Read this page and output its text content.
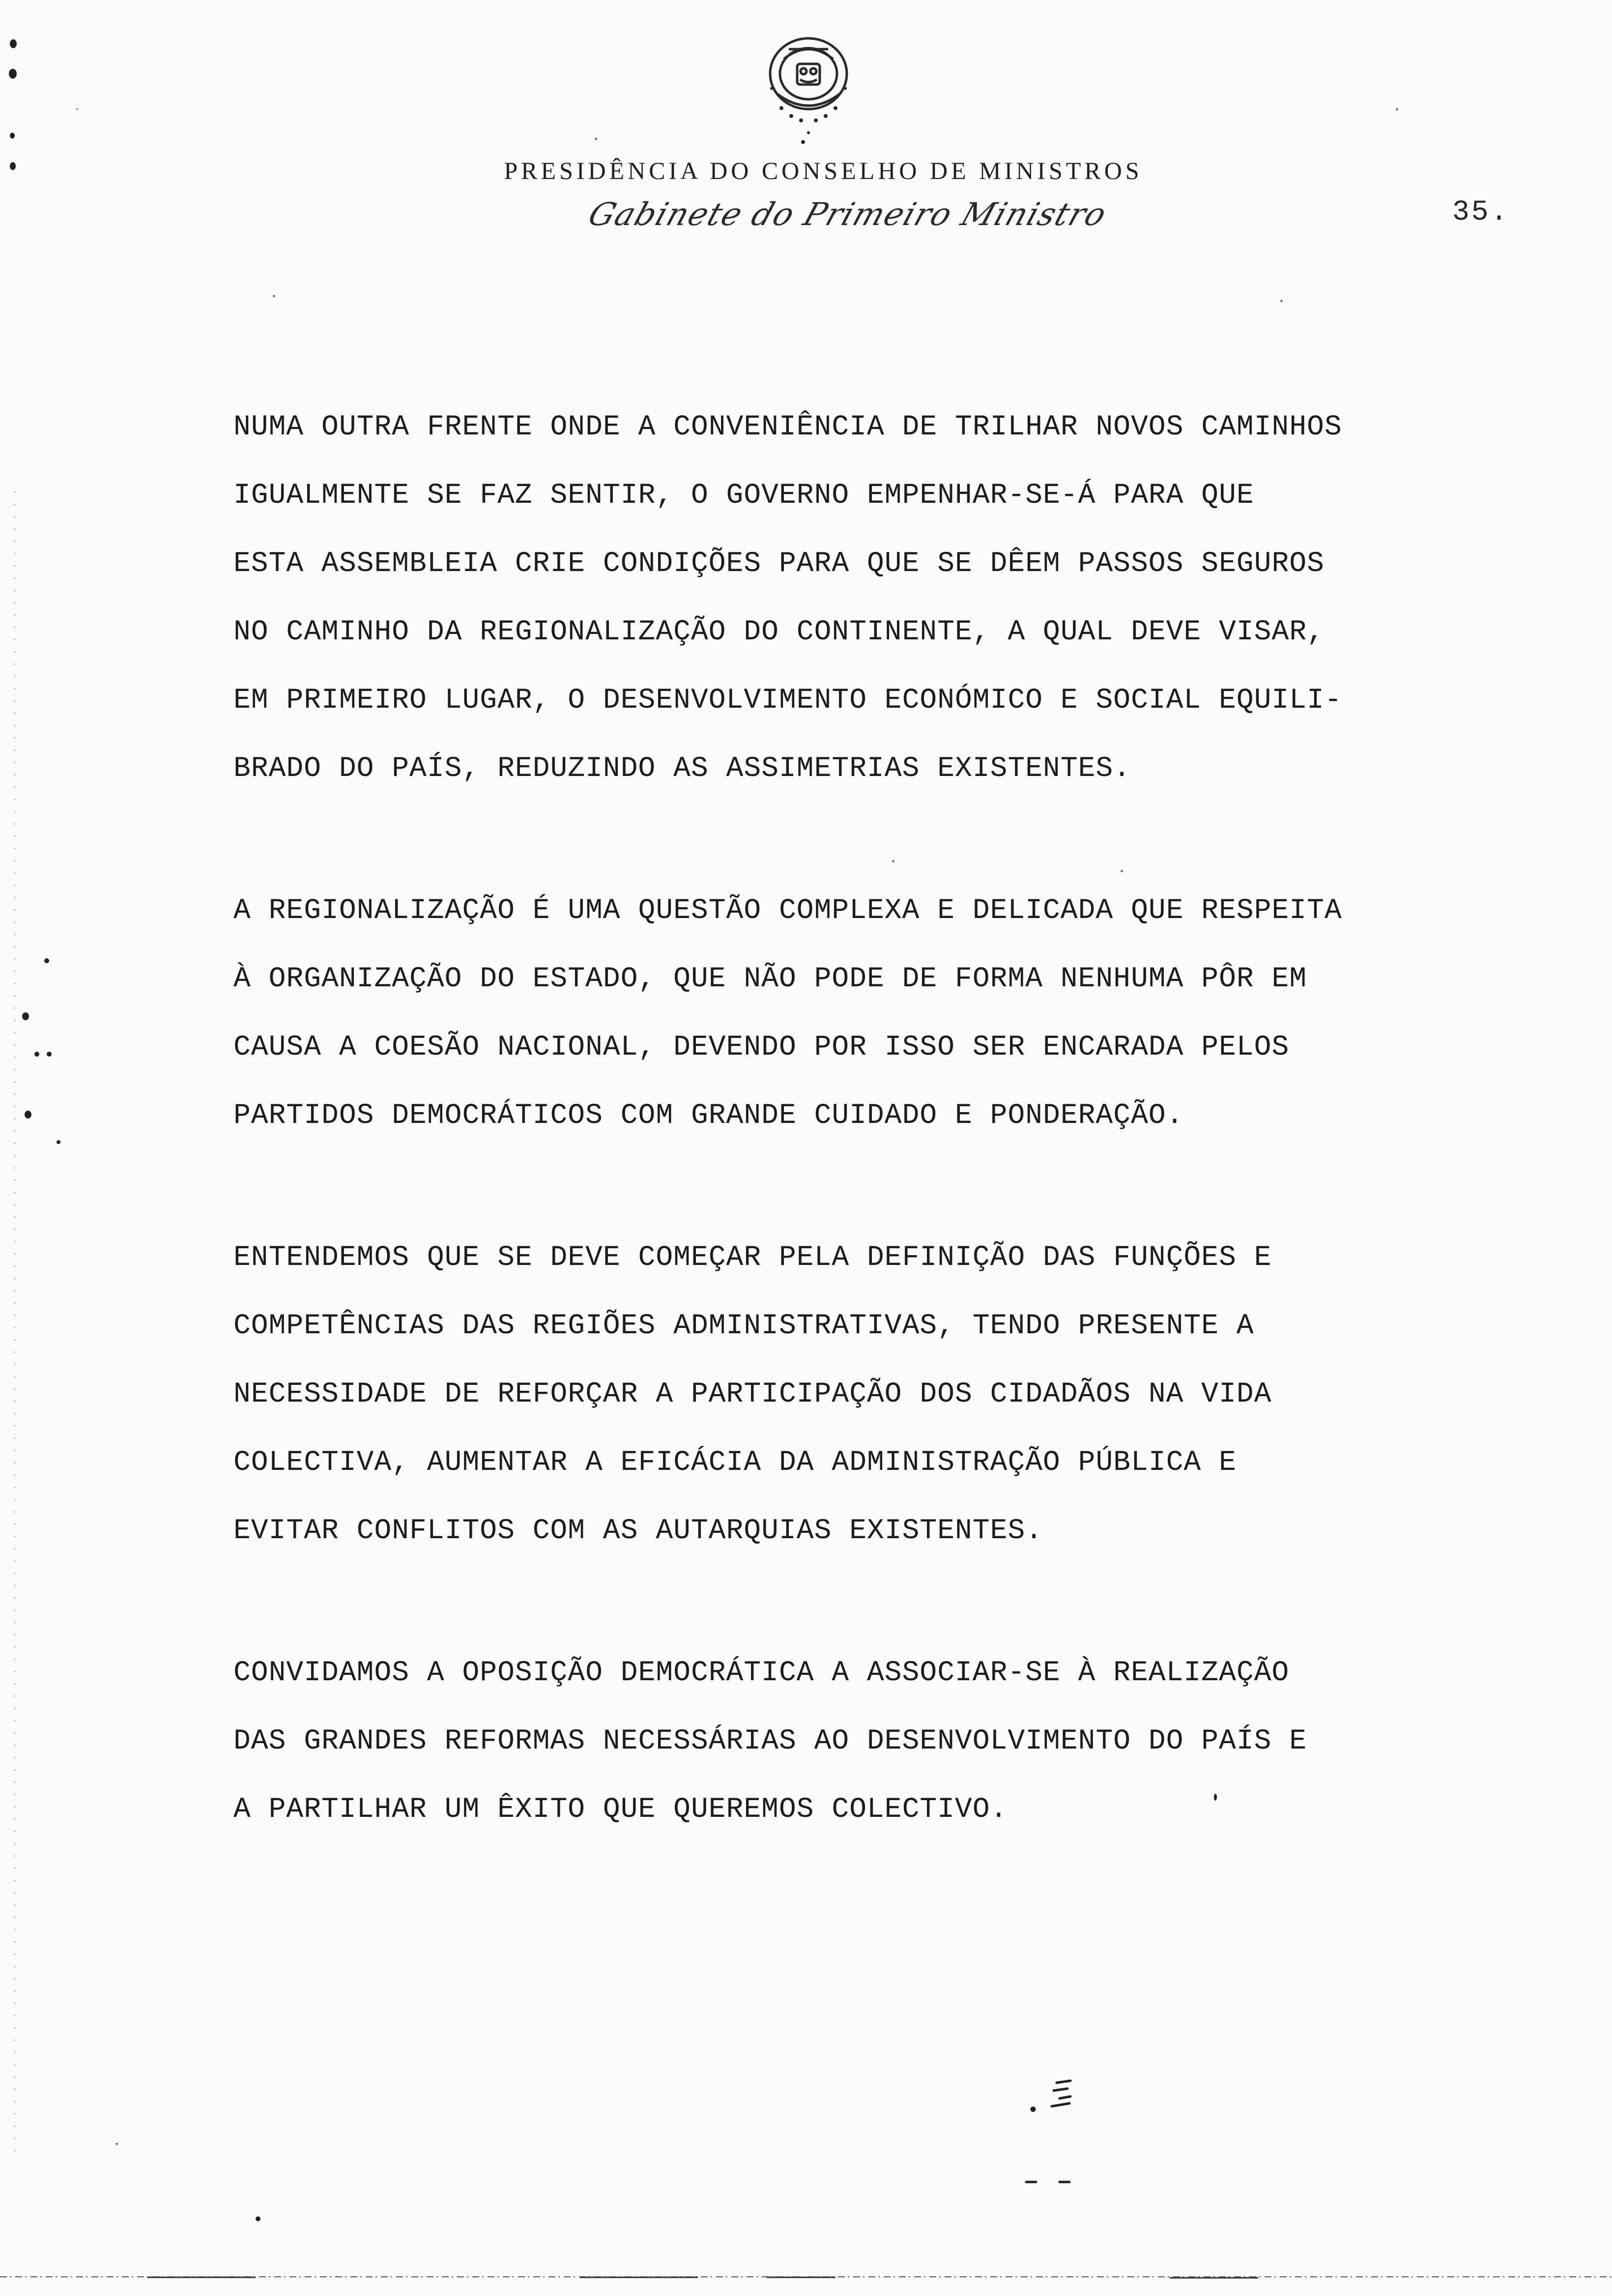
PRESIDÊNCIA DO CONSELHO DE MINISTROS
Gabinete do Primeiro Ministro	35.
NUMA OUTRA FRENTE ONDE A CONVENIÊNCIA DE TRILHAR NOVOS CAMINHOS
IGUALMENTE SE FAZ SENTIR, O GOVERNO EMPENHAR-SE-Á PARA QUE
ESTA ASSEMBLEIA CRIE CONDIÇÕES PARA QUE SE DÊEM PASSOS SEGUROS
NO CAMINHO DA REGIONALIZAÇÃO DO CONTINENTE, A QUAL DEVE VISAR,
EM PRIMEIRO LUGAR, O DESENVOLVIMENTO ECONÓMICO E SOCIAL EQUILI-
BRADO DO PAÍS, REDUZINDO AS ASSIMETRIAS EXISTENTES.
A REGIONALIZAÇÃO É UMA QUESTÃO COMPLEXA E DELICADA QUE RESPEITA
À ORGANIZAÇÃO DO ESTADO, QUE NÃO PODE DE FORMA NENHUMA PÔR EM
CAUSA A COESÃO NACIONAL, DEVENDO POR ISSO SER ENCARADA PELOS
PARTIDOS DEMOCRÁTICOS COM GRANDE CUIDADO E PONDERAÇÃO.
ENTENDEMOS QUE SE DEVE COMEÇAR PELA DEFINIÇÃO DAS FUNÇÕES E
COMPETÊNCIAS DAS REGIÕES ADMINISTRATIVAS, TENDO PRESENTE A
NECESSIDADE DE REFORÇAR A PARTICIPAÇÃO DOS CIDADÃOS NA VIDA
COLECTIVA, AUMENTAR A EFICÁCIA DA ADMINISTRAÇÃO PÚBLICA E
EVITAR CONFLITOS COM AS AUTARQUIAS EXISTENTES.
CONVIDAMOS A OPOSIÇÃO DEMOCRÁTICA A ASSOCIAR-SE À REALIZAÇÃO
DAS GRANDES REFORMAS NECESSÁRIAS AO DESENVOLVIMENTO DO PAÍS E
A PARTILHAR UM ÊXITO QUE QUEREMOS COLECTIVO.
